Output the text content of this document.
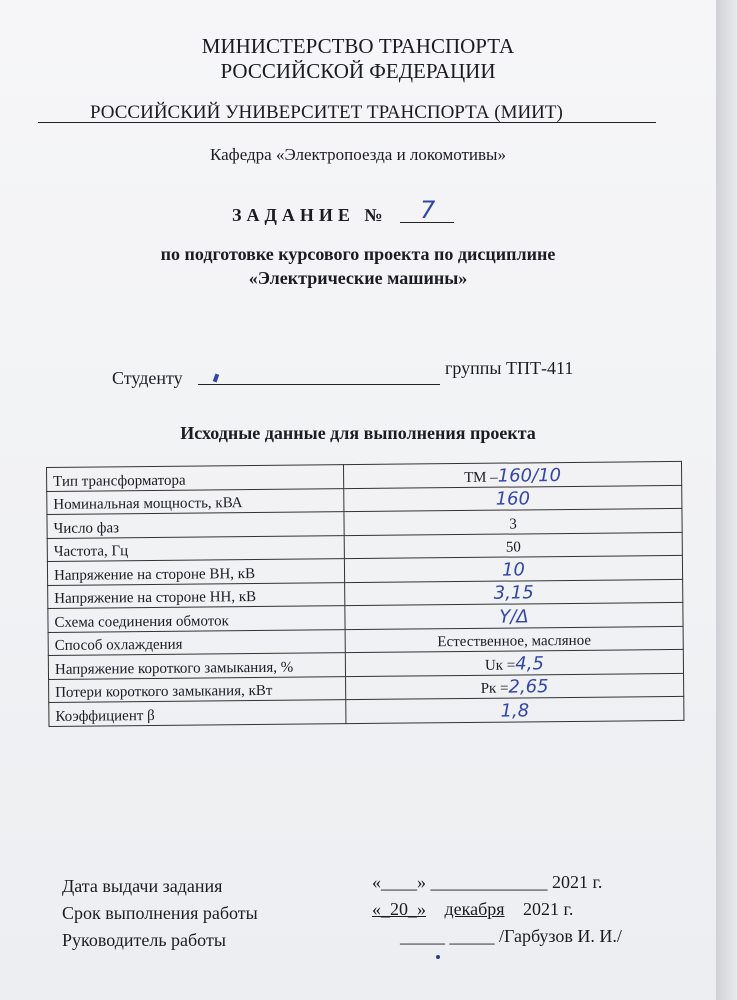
МИНИСТЕРСТВО ТРАНСПОРТА
РОССИЙСКОЙ ФЕДЕРАЦИИ
РОССИЙСКИЙ УНИВЕРСИТЕТ ТРАНСПОРТА (МИИТ)
Кафедра «Электропоезда и локомотивы»
ЗАДАНИЕ № 7
по подготовке курсового проекта по дисциплине
«Электрические машины»
Студенту	группы ТПТ-411
Исходные данные для выполнения проекта
Тип трансформатора	ТМ –160/10
Номинальная мощность, кВА	160
Число фаз	3
Частота, Гц	50
Напряжение на стороне ВН, кВ	10
Напряжение на стороне НН, кВ	3,15
Схема соединения обмоток	Y/Δ
Способ охлаждения	Естественное, масляное
Напряжение короткого замыкания, %	Uк =4,5
Потери короткого замыкания, кВт	Pк =2,65
Коэффициент β	1,8
Дата выдачи задания	«____» _____________ 2021 г.
Срок выполнения работы	«_20_» декабря 2021 г.
Руководитель работы	_____ _____ /Гарбузов И. И./
